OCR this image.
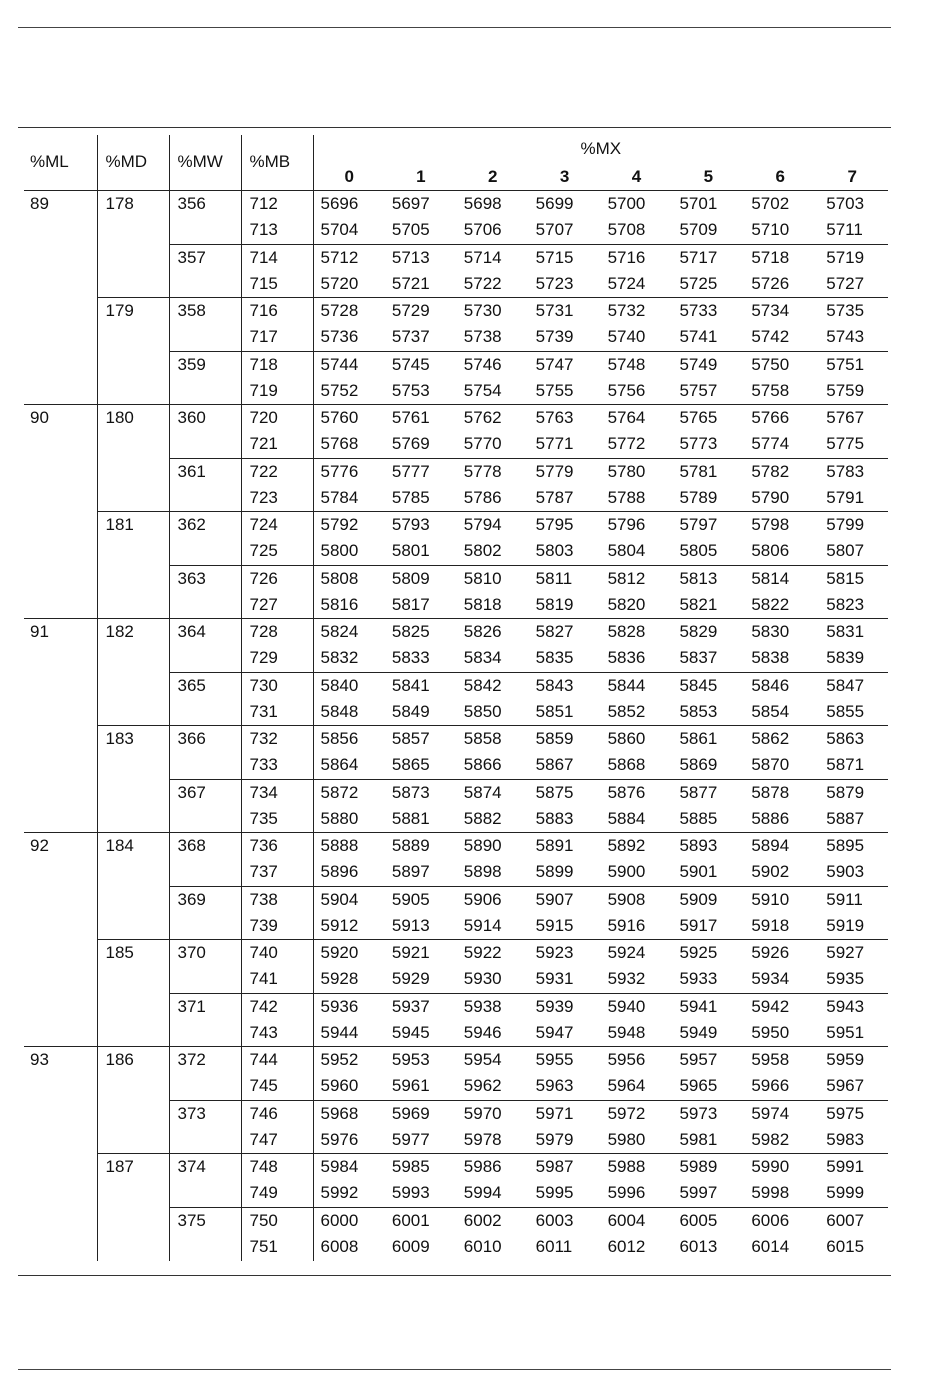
%ML	%MD	%MW	%MB	%MX							
				0	1	2	3	4	5	6	7
89	178	356	712	5696	5697	5698	5699	5700	5701	5702	5703
			713	5704	5705	5706	5707	5708	5709	5710	5711
		357	714	5712	5713	5714	5715	5716	5717	5718	5719
			715	5720	5721	5722	5723	5724	5725	5726	5727
	179	358	716	5728	5729	5730	5731	5732	5733	5734	5735
			717	5736	5737	5738	5739	5740	5741	5742	5743
		359	718	5744	5745	5746	5747	5748	5749	5750	5751
			719	5752	5753	5754	5755	5756	5757	5758	5759
90	180	360	720	5760	5761	5762	5763	5764	5765	5766	5767
			721	5768	5769	5770	5771	5772	5773	5774	5775
		361	722	5776	5777	5778	5779	5780	5781	5782	5783
			723	5784	5785	5786	5787	5788	5789	5790	5791
	181	362	724	5792	5793	5794	5795	5796	5797	5798	5799
			725	5800	5801	5802	5803	5804	5805	5806	5807
		363	726	5808	5809	5810	5811	5812	5813	5814	5815
			727	5816	5817	5818	5819	5820	5821	5822	5823
91	182	364	728	5824	5825	5826	5827	5828	5829	5830	5831
			729	5832	5833	5834	5835	5836	5837	5838	5839
		365	730	5840	5841	5842	5843	5844	5845	5846	5847
			731	5848	5849	5850	5851	5852	5853	5854	5855
	183	366	732	5856	5857	5858	5859	5860	5861	5862	5863
			733	5864	5865	5866	5867	5868	5869	5870	5871
		367	734	5872	5873	5874	5875	5876	5877	5878	5879
			735	5880	5881	5882	5883	5884	5885	5886	5887
92	184	368	736	5888	5889	5890	5891	5892	5893	5894	5895
			737	5896	5897	5898	5899	5900	5901	5902	5903
		369	738	5904	5905	5906	5907	5908	5909	5910	5911
			739	5912	5913	5914	5915	5916	5917	5918	5919
	185	370	740	5920	5921	5922	5923	5924	5925	5926	5927
			741	5928	5929	5930	5931	5932	5933	5934	5935
		371	742	5936	5937	5938	5939	5940	5941	5942	5943
			743	5944	5945	5946	5947	5948	5949	5950	5951
93	186	372	744	5952	5953	5954	5955	5956	5957	5958	5959
			745	5960	5961	5962	5963	5964	5965	5966	5967
		373	746	5968	5969	5970	5971	5972	5973	5974	5975
			747	5976	5977	5978	5979	5980	5981	5982	5983
	187	374	748	5984	5985	5986	5987	5988	5989	5990	5991
			749	5992	5993	5994	5995	5996	5997	5998	5999
		375	750	6000	6001	6002	6003	6004	6005	6006	6007
			751	6008	6009	6010	6011	6012	6013	6014	6015
